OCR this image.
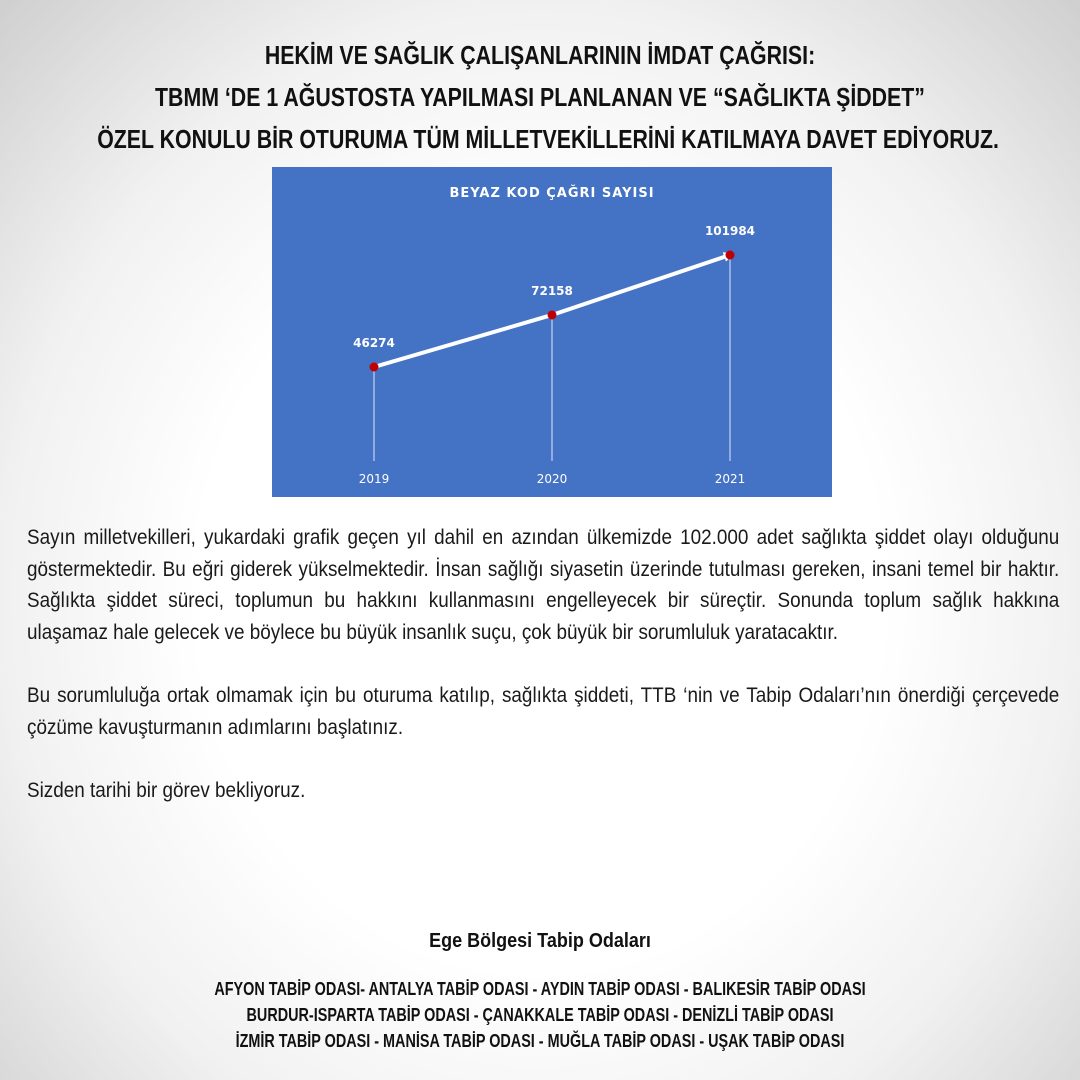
HEKİM VE SAĞLIK ÇALIŞANLARININ İMDAT ÇAĞRISI:
TBMM ‘DE 1 AĞUSTOSTA YAPILMASI PLANLANAN VE “SAĞLIKTA ŞİDDET”
ÖZEL KONULU BİR OTURUMA TÜM MİLLETVEKİLLERİNİ KATILMAYA DAVET EDİYORUZ.
BEYAZ KOD ÇAĞRI SAYISI
46274
72158
101984
2019	2020	2021

Sayın milletvekilleri, yukardaki grafik geçen yıl dahil en azından ülkemizde 102.000 adet sağlıkta şiddet olayı olduğunu göstermektedir. Bu eğri giderek yükselmektedir. İnsan sağlığı siyasetin üzerinde tutulması gereken, insani temel bir haktır. Sağlıkta şiddet süreci, toplumun bu hakkını kullanmasını engelleyecek bir süreçtir. Sonunda toplum sağlık hakkına ulaşamaz hale gelecek ve böylece bu büyük insanlık suçu, çok büyük bir sorumluluk yaratacaktır.

Bu sorumluluğa ortak olmamak için bu oturuma katılıp, sağlıkta şiddeti, TTB ‘nin ve Tabip Odaları’nın önerdiği çerçevede çözüme kavuşturmanın adımlarını başlatınız.

Sizden tarihi bir görev bekliyoruz.

Ege Bölgesi Tabip Odaları
AFYON TABİP ODASI- ANTALYA TABİP ODASI - AYDIN TABİP ODASI - BALIKESİR TABİP ODASI
BURDUR-ISPARTA TABİP ODASI - ÇANAKKALE TABİP ODASI - DENİZLİ TABİP ODASI
İZMİR TABİP ODASI - MANİSA TABİP ODASI - MUĞLA TABİP ODASI - UŞAK TABİP ODASI
